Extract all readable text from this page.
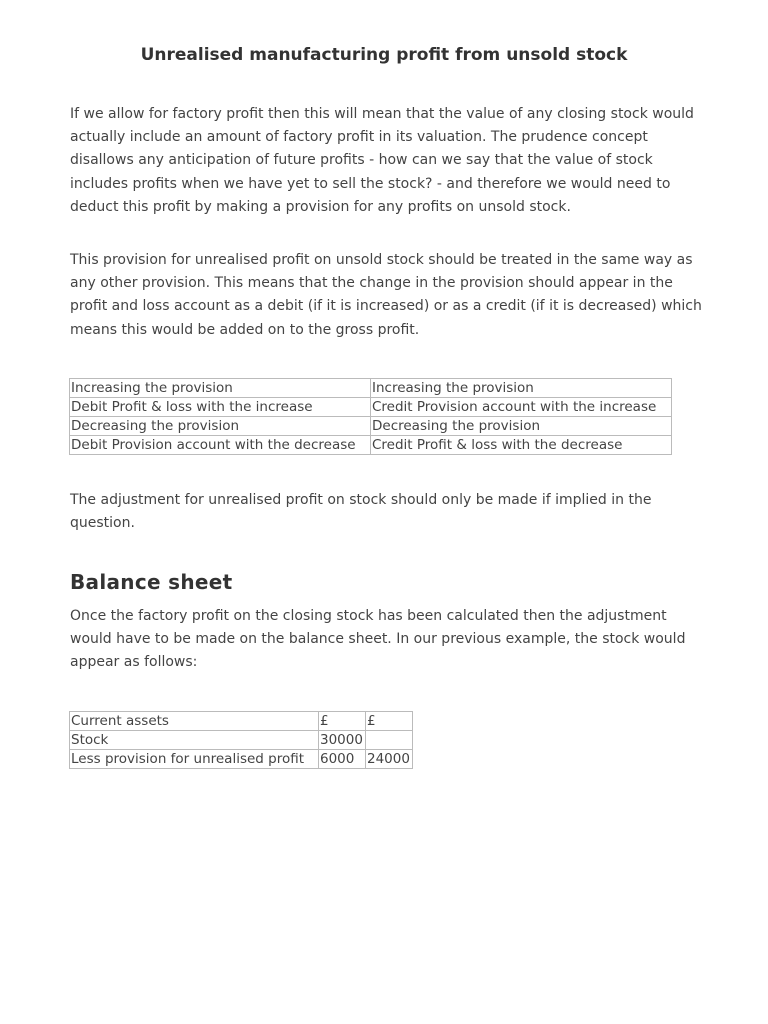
Unrealised manufacturing profit from unsold stock

If we allow for factory profit then this will mean that the value of any closing stock would actually include an amount of factory profit in its valuation. The prudence concept disallows any anticipation of future profits - how can we say that the value of stock includes profits when we have yet to sell the stock? - and therefore we would need to deduct this profit by making a provision for any profits on unsold stock.

This provision for unrealised profit on unsold stock should be treated in the same way as any other provision. This means that the change in the provision should appear in the profit and loss account as a debit (if it is increased) or as a credit (if it is decreased) which means this would be added on to the gross profit.

Increasing the provision	Increasing the provision
Debit Profit & loss with the increase	Credit Provision account with the increase
Decreasing the provision	Decreasing the provision
Debit Provision account with the decrease	Credit Profit & loss with the decrease

The adjustment for unrealised profit on stock should only be made if implied in the question.

Balance sheet

Once the factory profit on the closing stock has been calculated then the adjustment would have to be made on the balance sheet. In our previous example, the stock would appear as follows:

Current assets	£	£
Stock	30000	
Less provision for unrealised profit	6000	24000
